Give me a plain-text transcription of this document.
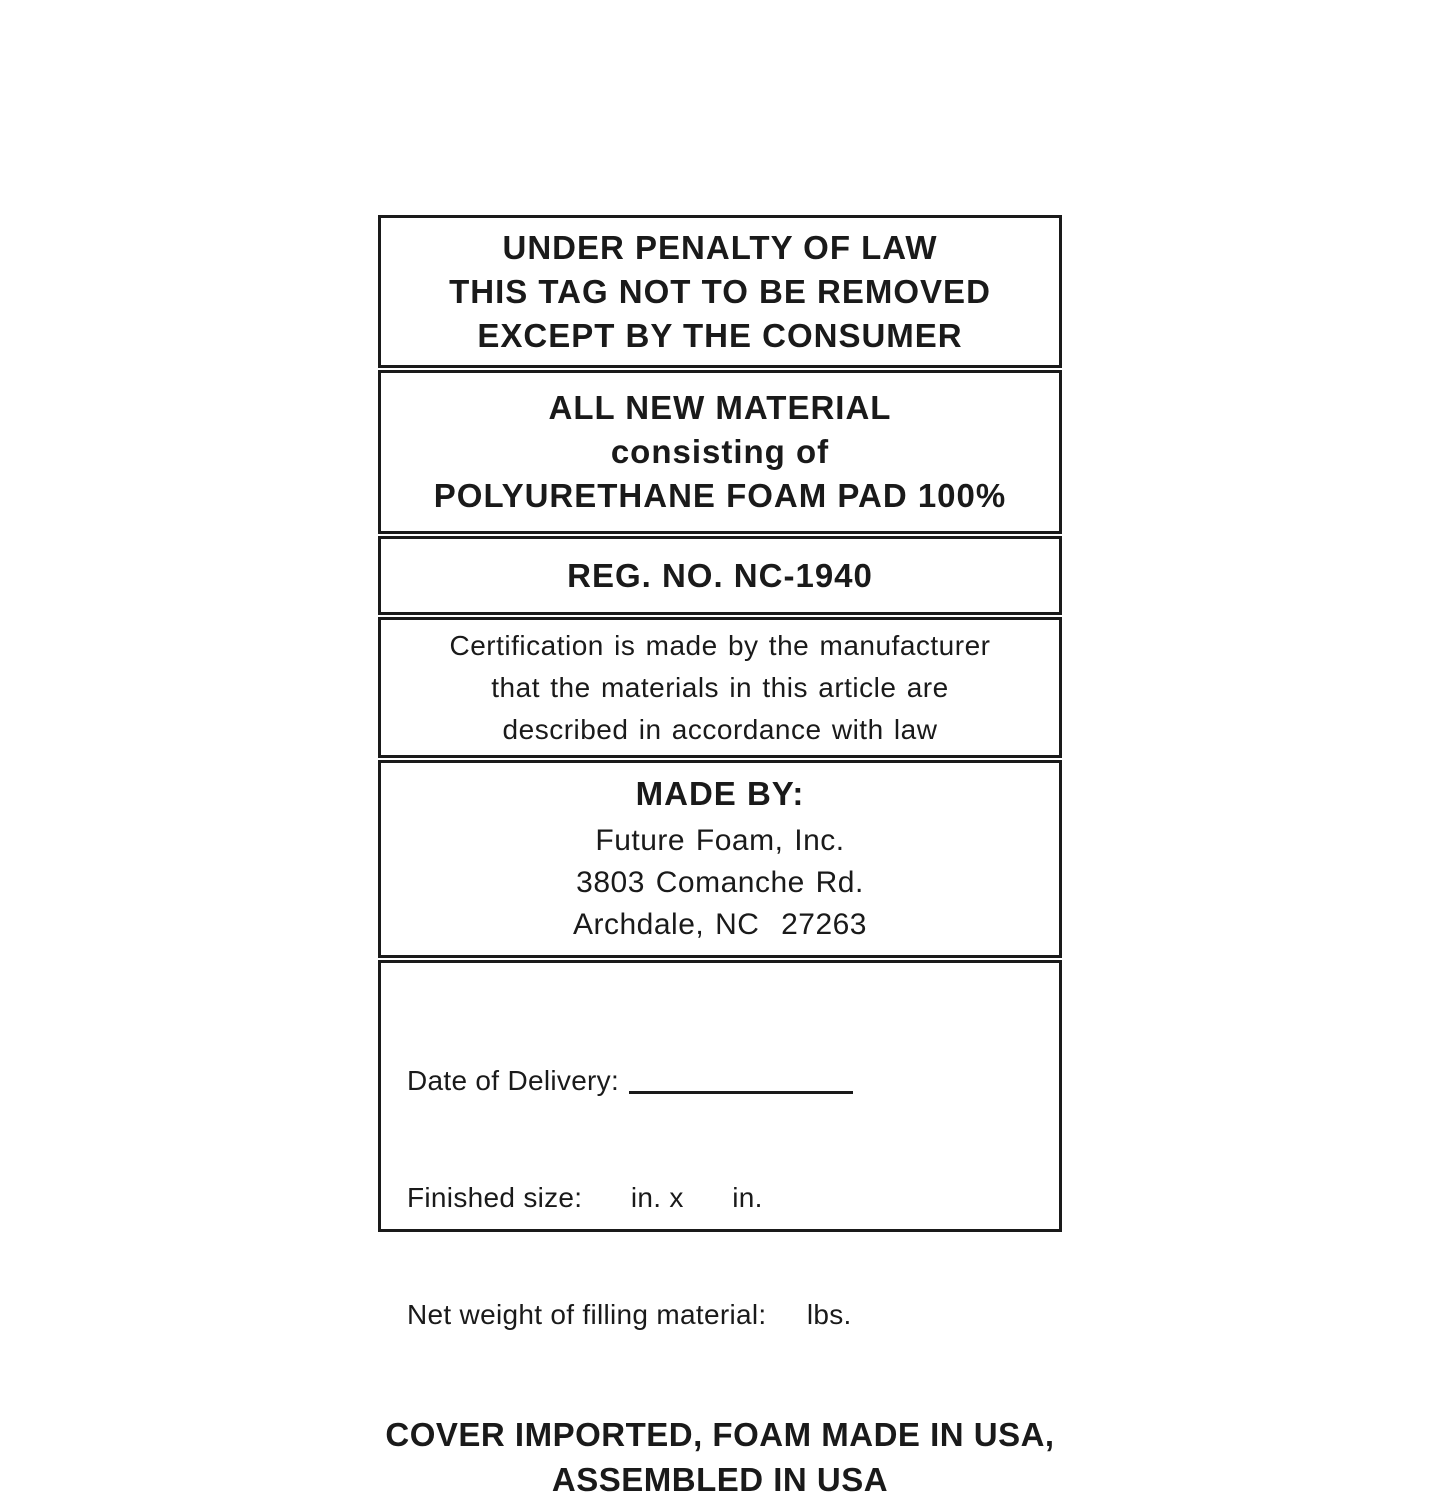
UNDER PENALTY OF LAW
THIS TAG NOT TO BE REMOVED
EXCEPT BY THE CONSUMER
ALL NEW MATERIAL
consisting of
POLYURETHANE FOAM PAD 100%
REG. NO. NC-1940
Certification is made by the manufacturer
that the materials in this article are
described in accordance with law
MADE BY:
Future Foam, Inc.
3803 Comanche Rd.
Archdale, NC  27263

Date of Delivery:

Finished size:      in. x      in.

Net weight of filling material:     lbs.

COVER IMPORTED, FOAM MADE IN USA,
ASSEMBLED IN USA
